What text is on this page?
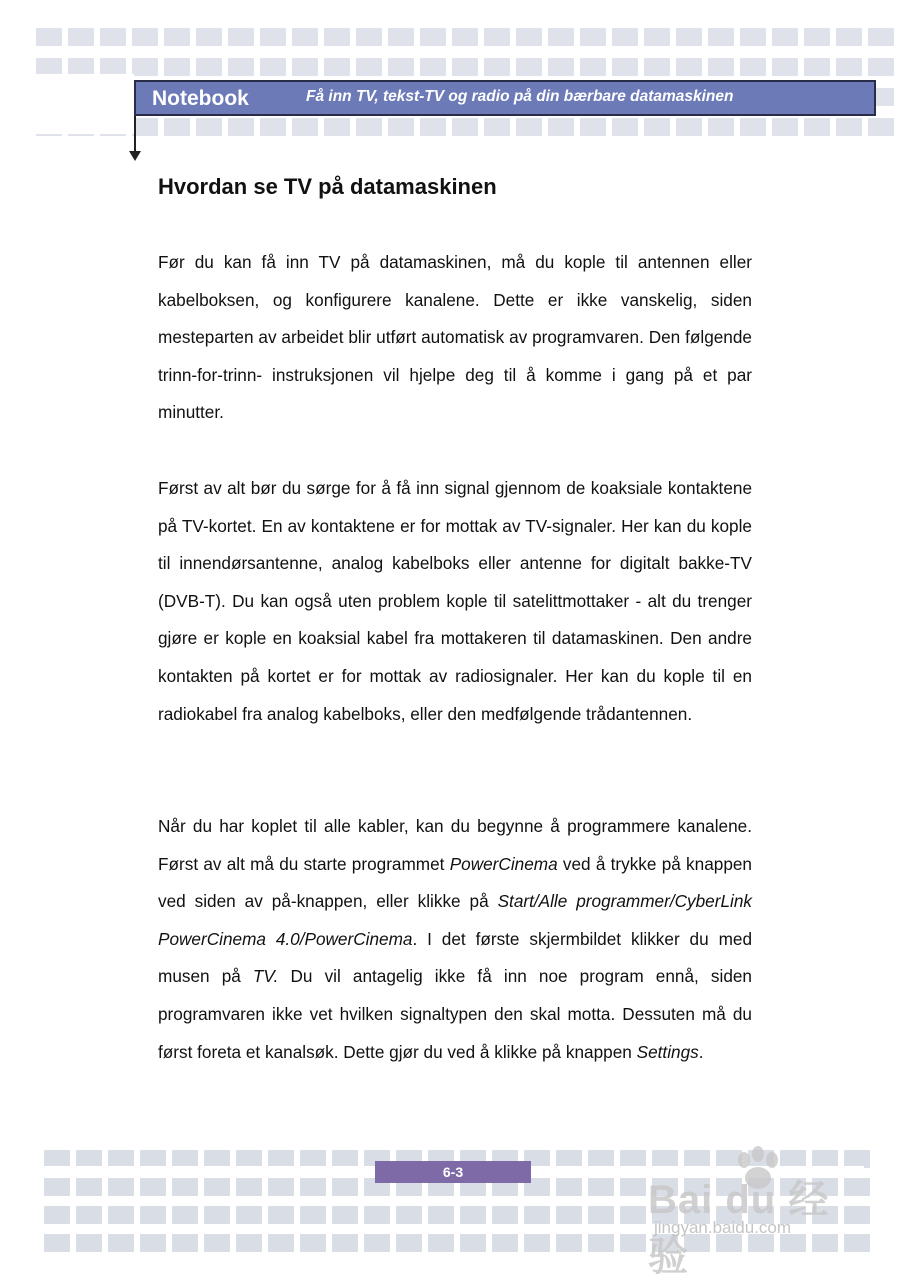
Notebook	Få inn TV, tekst-TV og radio på din bærbare datamaskinen
Hvordan se TV på datamaskinen

Før du kan få inn TV på datamaskinen, må du kople til antennen eller kabelboksen, og konfigurere kanalene. Dette er ikke vanskelig, siden mesteparten av arbeidet blir utført automatisk av programvaren. Den følgende trinn-for-trinn- instruksjonen vil hjelpe deg til å komme i gang på et par minutter.

Først av alt bør du sørge for å få inn signal gjennom de koaksiale kontaktene på TV-kortet. En av kontaktene er for mottak av TV-signaler. Her kan du kople til innendørsantenne, analog kabelboks eller antenne for digitalt bakke-TV (DVB-T). Du kan også uten problem kople til satelittmottaker - alt du trenger gjøre er kople en koaksial kabel fra mottakeren til datamaskinen. Den andre kontakten på kortet er for mottak av radiosignaler. Her kan du kople til en radiokabel fra analog kabelboks, eller den medfølgende trådantennen.

Når du har koplet til alle kabler, kan du begynne å programmere kanalene. Først av alt må du starte programmet PowerCinema ved å trykke på knappen ved siden av på-knappen, eller klikke på Start/Alle programmer/CyberLink PowerCinema 4.0/PowerCinema. I det første skjermbildet klikker du med musen på TV. Du vil antagelig ikke få inn noe program ennå, siden programvaren ikke vet hvilken signaltypen den skal motta. Dessuten må du først foreta et kanalsøk. Dette gjør du ved å klikke på knappen Settings.

6-3
Bai du 经验
jingyan.baidu.com
